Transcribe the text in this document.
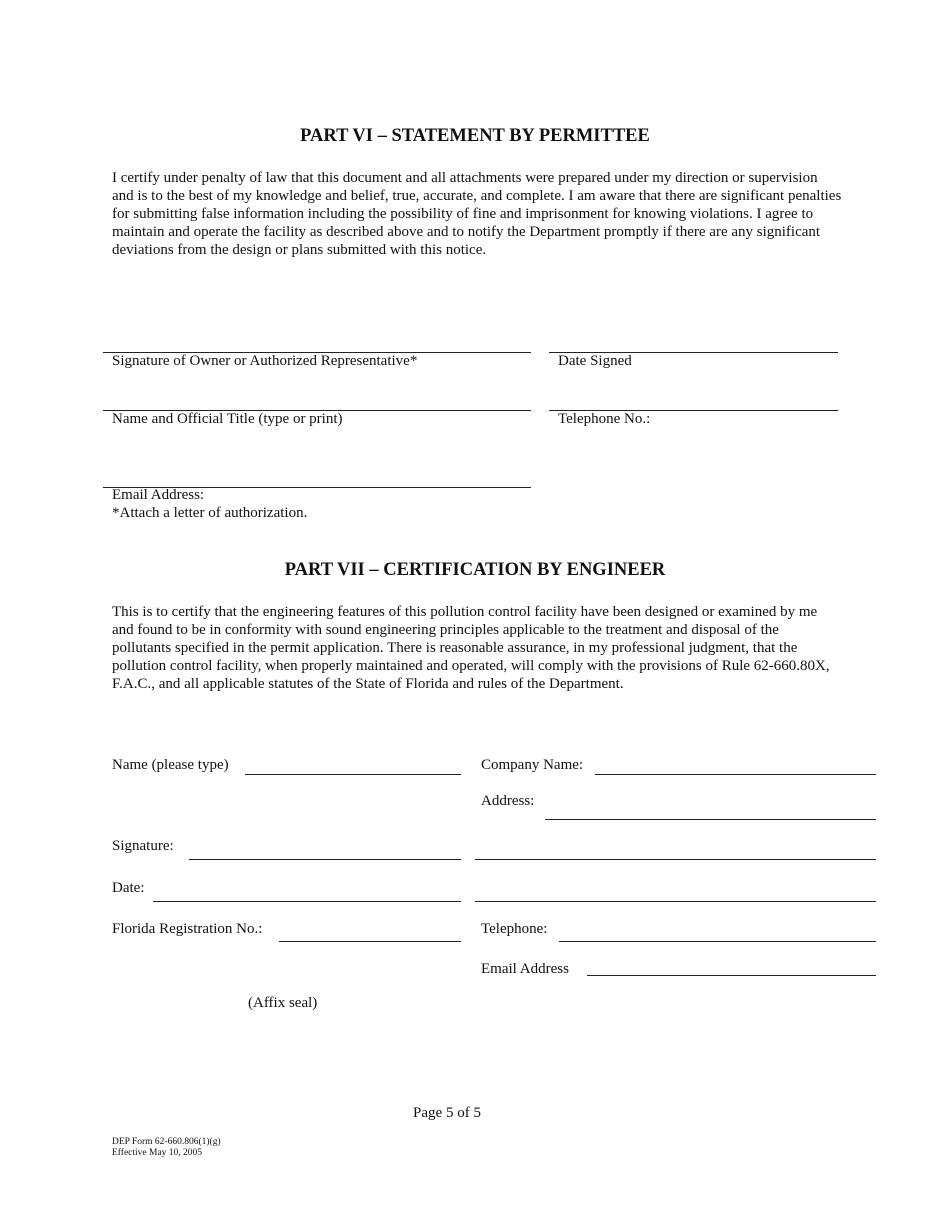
PART VI – STATEMENT BY PERMITTEE
I certify under penalty of law that this document and all attachments were prepared under my direction or supervision and is to the best of my knowledge and belief, true, accurate, and complete. I am aware that there are significant penalties for submitting false information including the possibility of fine and imprisonment for knowing violations. I agree to maintain and operate the facility as described above and to notify the Department promptly if there are any significant deviations from the design or plans submitted with this notice.
Signature of Owner or Authorized Representative*	Date Signed
Name and Official Title (type or print)	Telephone No.:
Email Address:
*Attach a letter of authorization.
PART VII – CERTIFICATION BY ENGINEER
This is to certify that the engineering features of this pollution control facility have been designed or examined by me and found to be in conformity with sound engineering principles applicable to the treatment and disposal of the pollutants specified in the permit application. There is reasonable assurance, in my professional judgment, that the pollution control facility, when properly maintained and operated, will comply with the provisions of Rule 62-660.80X, F.A.C., and all applicable statutes of the State of Florida and rules of the Department.
Name (please type)	Company Name:
Address:
Signature:
Date:
Florida Registration No.:	Telephone:
Email Address
(Affix seal)
Page 5 of 5
DEP Form 62-660.806(1)(g)
Effective May 10, 2005
